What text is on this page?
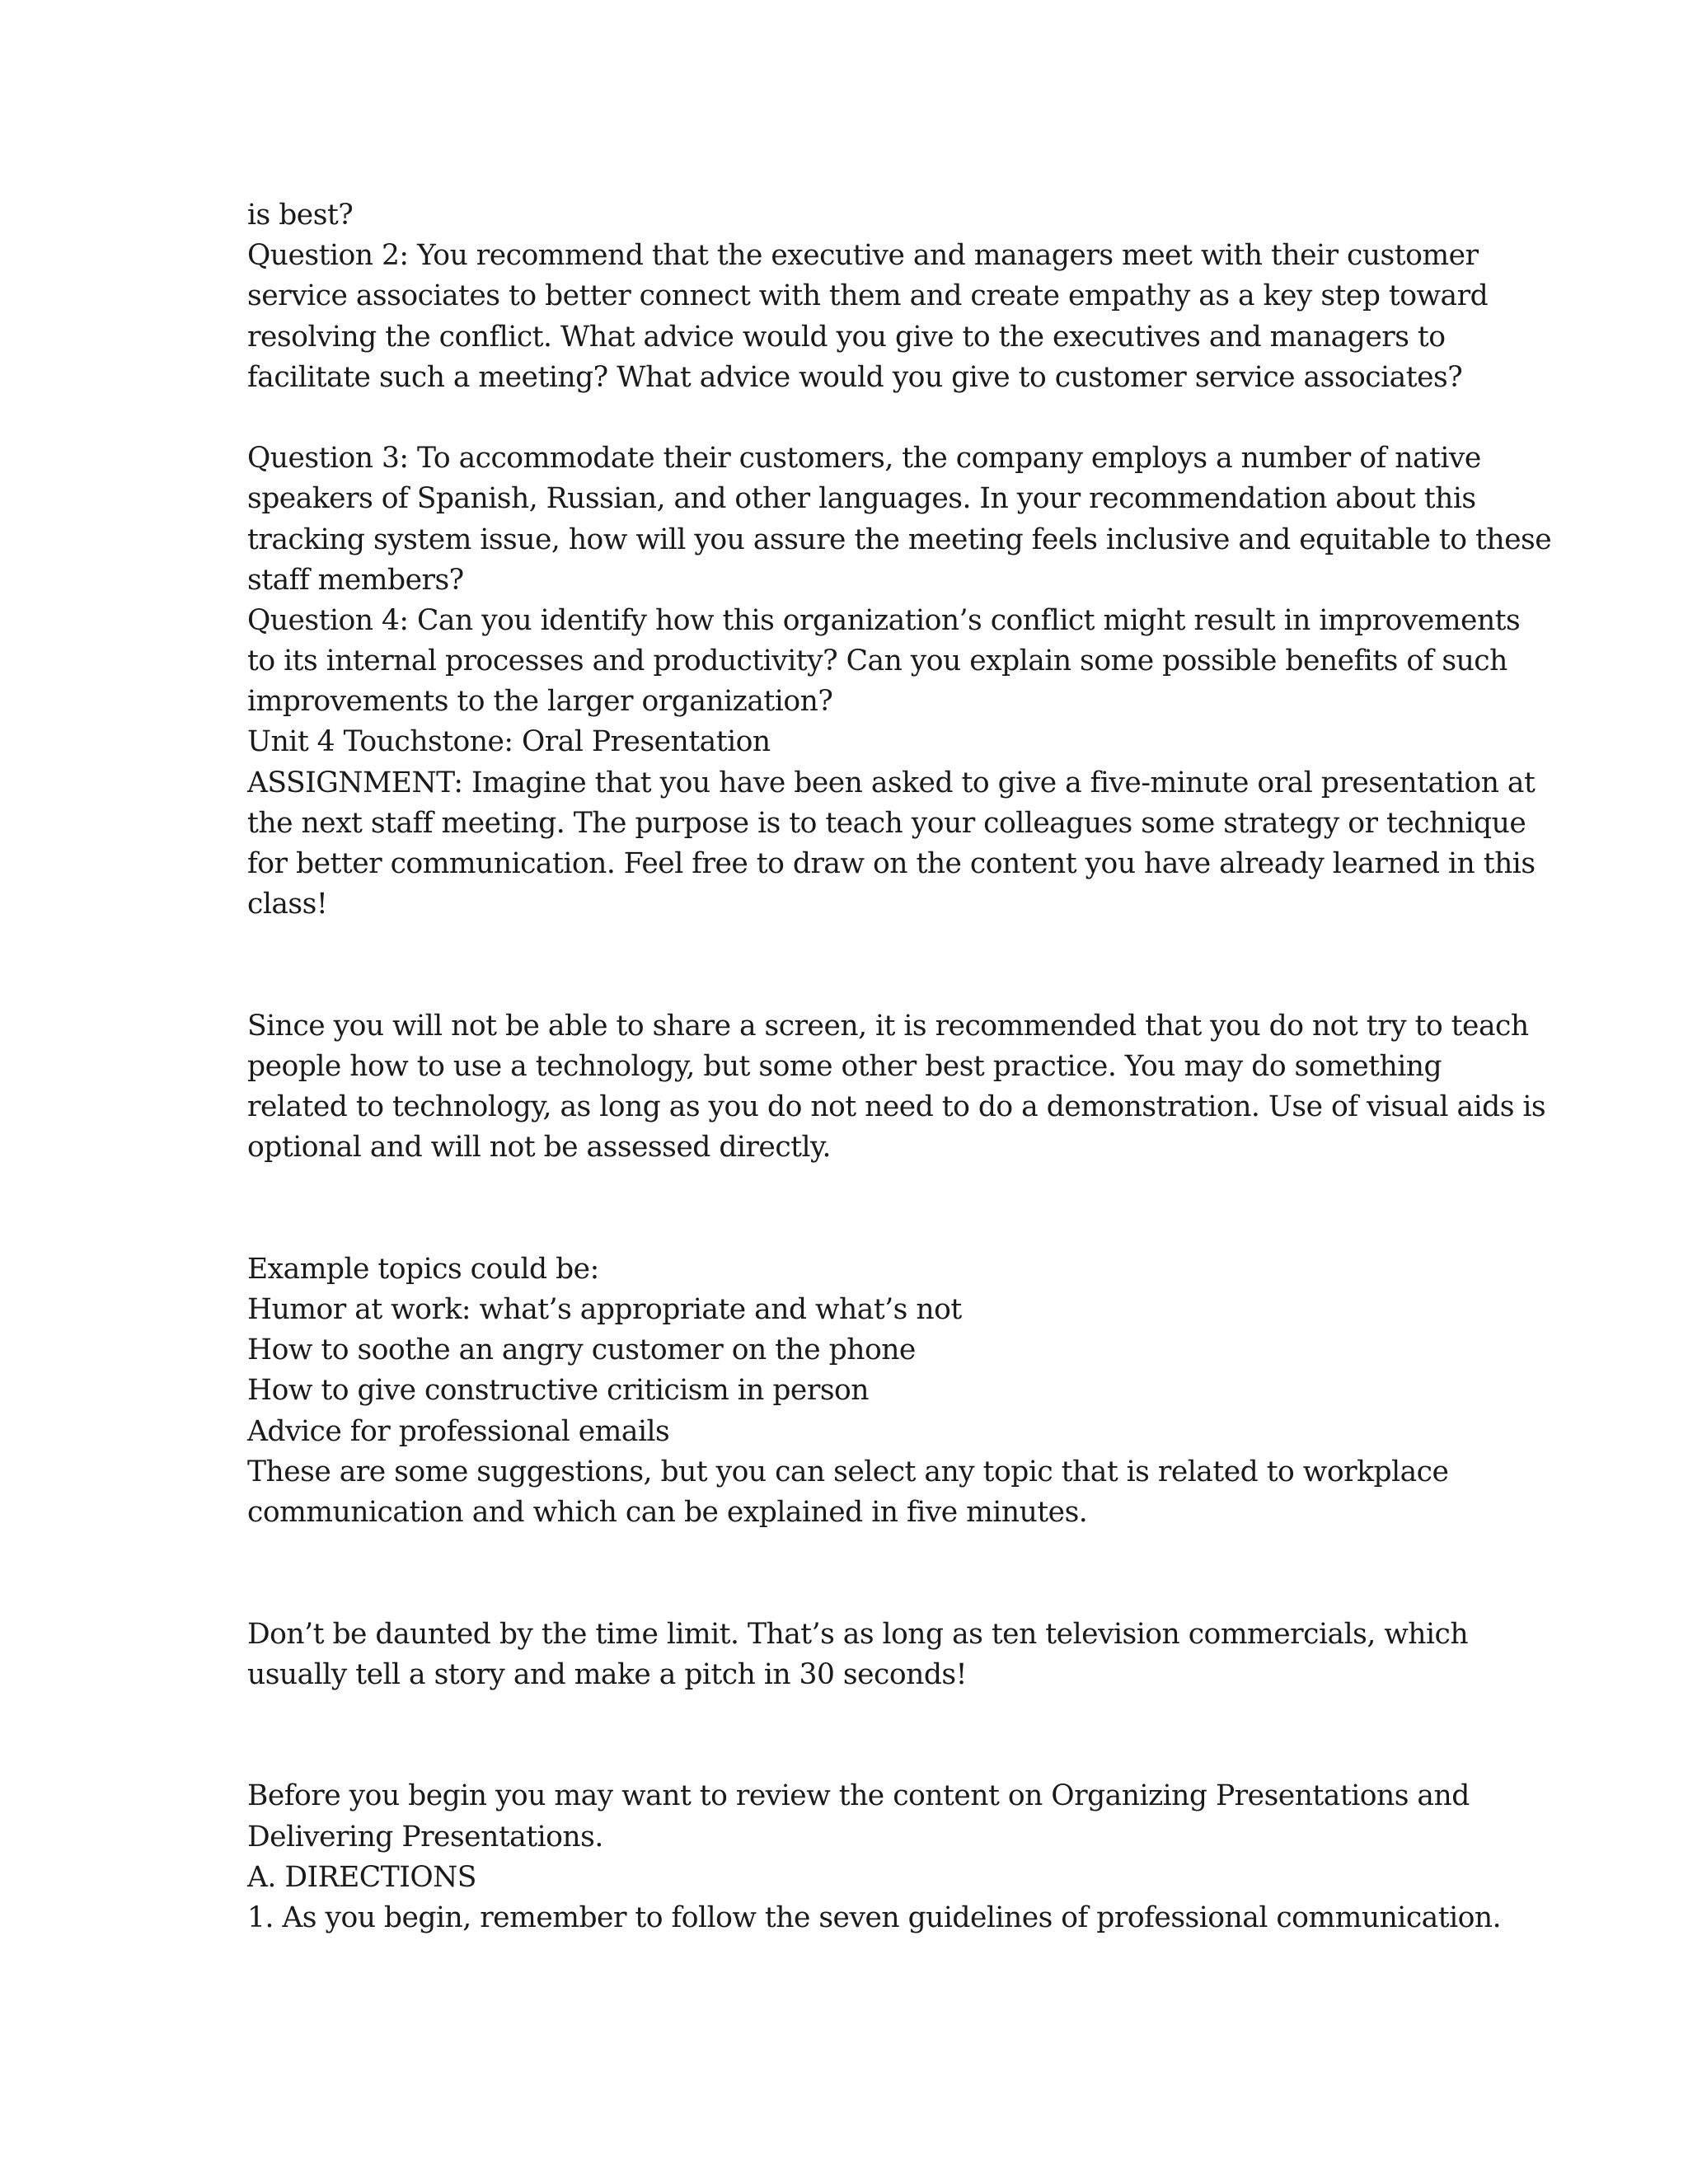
is best?
Question 2: You recommend that the executive and managers meet with their customer
service associates to better connect with them and create empathy as a key step toward
resolving the conflict. What advice would you give to the executives and managers to
facilitate such a meeting? What advice would you give to customer service associates?
Question 3: To accommodate their customers, the company employs a number of native
speakers of Spanish, Russian, and other languages. In your recommendation about this
tracking system issue, how will you assure the meeting feels inclusive and equitable to these
staff members?
Question 4: Can you identify how this organization’s conflict might result in improvements
to its internal processes and productivity? Can you explain some possible benefits of such
improvements to the larger organization?
Unit 4 Touchstone: Oral Presentation
ASSIGNMENT: Imagine that you have been asked to give a five-minute oral presentation at
the next staff meeting. The purpose is to teach your colleagues some strategy or technique
for better communication. Feel free to draw on the content you have already learned in this
class!
Since you will not be able to share a screen, it is recommended that you do not try to teach
people how to use a technology, but some other best practice. You may do something
related to technology, as long as you do not need to do a demonstration. Use of visual aids is
optional and will not be assessed directly.
Example topics could be:
Humor at work: what’s appropriate and what’s not
How to soothe an angry customer on the phone
How to give constructive criticism in person
Advice for professional emails
These are some suggestions, but you can select any topic that is related to workplace
communication and which can be explained in five minutes.
Don’t be daunted by the time limit. That’s as long as ten television commercials, which
usually tell a story and make a pitch in 30 seconds!
Before you begin you may want to review the content on Organizing Presentations and
Delivering Presentations.
A. DIRECTIONS
1. As you begin, remember to follow the seven guidelines of professional communication.
